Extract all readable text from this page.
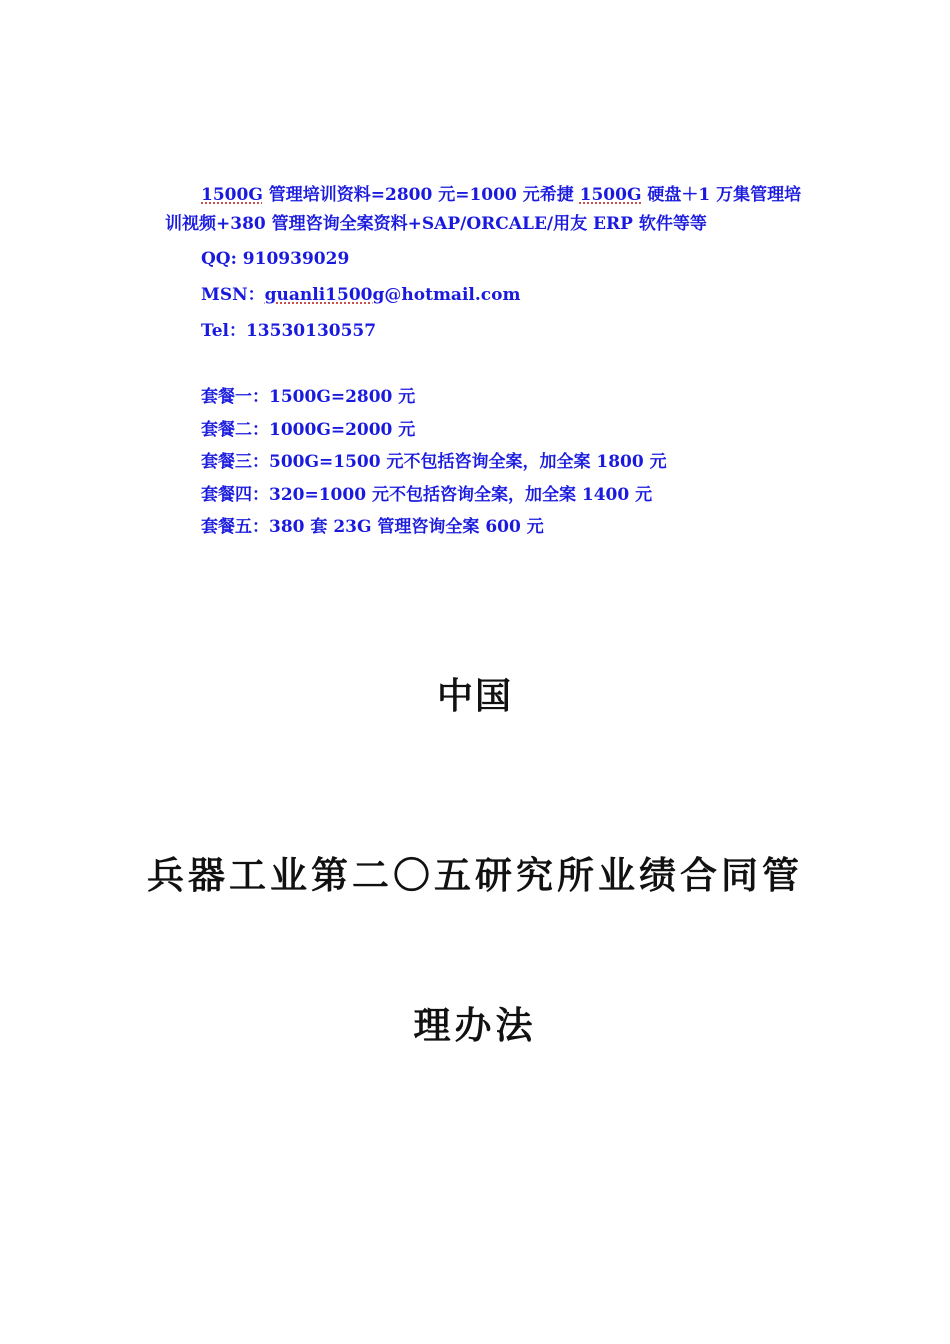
1500G 管理培训资料=2800 元=1000 元希捷 1500G 硬盘＋1 万集管理培

训视频+380 管理咨询全案资料+SAP/ORCALE/用友 ERP 软件等等

QQ: 910939029

MSN：guanli1500g@hotmail.com

Tel：13530130557

套餐一：1500G=2800 元

套餐二：1000G=2000 元

套餐三：500G=1500 元不包括咨询全案，加全案 1800 元

套餐四：320=1000 元不包括咨询全案，加全案 1400 元

套餐五：380 套 23G 管理咨询全案 600 元

中国
兵器工业第二〇五研究所业绩合同管
理办法
